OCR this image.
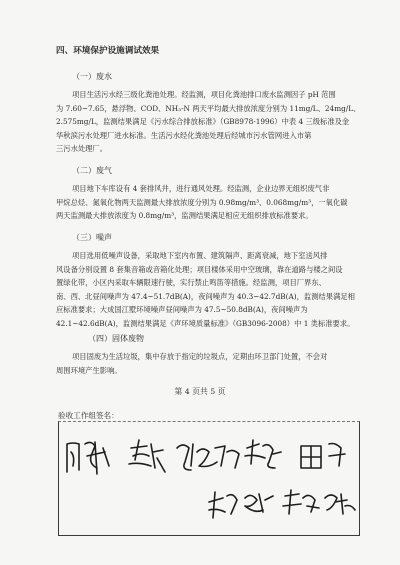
四、环境保护设施调试效果
（一）废水
项目生活污水经三级化粪池处理。经监测，项目化粪池排口废水监测因子 pH 范围
为 7.60~7.65，悬浮物、COD、NH₃-N 两天平均最大排放浓度分别为 11mg/L、24mg/L、
2.575mg/L，监测结果满足《污水综合排放标准》（GB8978-1996）中表 4 三级标准及金
华秋滨污水处理厂进水标准。生活污水经化粪池处理后经城市污水管网进入市第
三污水处理厂。
（二）废气
项目地下车库设有 4 套排风井，进行通风处理。经监测，企业边界无组织废气非
甲烷总烃、氮氧化物两天监测最大排放浓度分别为 0.98mg/m³、0.068mg/m³，一氧化碳
两天监测最大排放浓度为 0.8mg/m³，监测结果满足相应无组织排放标准要求。
（三）噪声
项目选用低噪声设备，采取地下室内布置、建筑隔声、距离衰减，地下室送风排
风设备分别设置 8 套集音箱或音箱化处理；项目楼体采用中空玻璃，靠在道路与楼之间设
置绿化带，小区内采取车辆限速行驶，实行禁止鸣笛等措施。经监测，项目厂界东、
南、西、北昼间噪声为 47.4~51.7dB(A)，夜间噪声为 40.3~42.7dB(A)，监测结果满足相
应标准要求；大成国江墅环境噪声昼间噪声为 47.5~50.8dB(A)，夜间噪声为
42.1~42.6dB(A)，监测结果满足《声环境质量标准》（GB3096-2008）中 1 类标准要求。
（四）固体废物
项目固废为生活垃圾，集中存放于指定的垃圾点，定期由环卫部门处置，不会对
周围环境产生影响。
第 4 页共 5 页
验收工作组签名：
